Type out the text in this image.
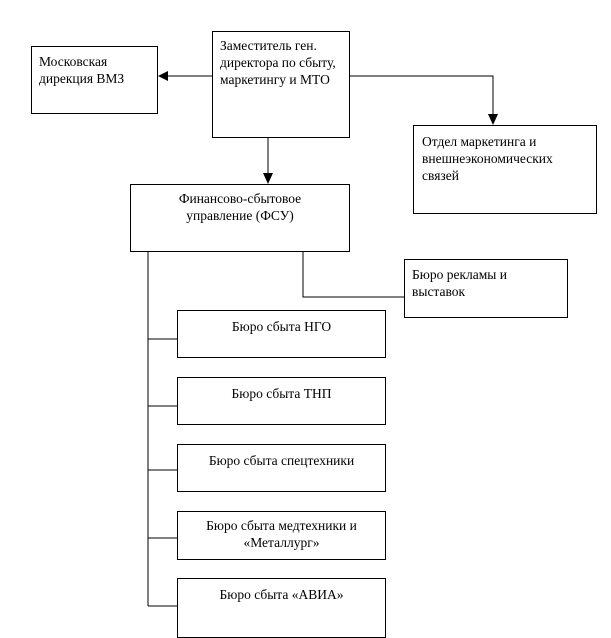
Заместитель ген. директора по сбыту, маркетингу и МТО
Московская дирекция ВМЗ
Отдел маркетинга и внешнеэкономических связей
Финансово-сбытовое управление (ФСУ)
Бюро рекламы и выставок
Бюро сбыта НГО
Бюро сбыта ТНП
Бюро сбыта спецтехники
Бюро сбыта медтехники и «Металлург»
Бюро сбыта «АВИА»
